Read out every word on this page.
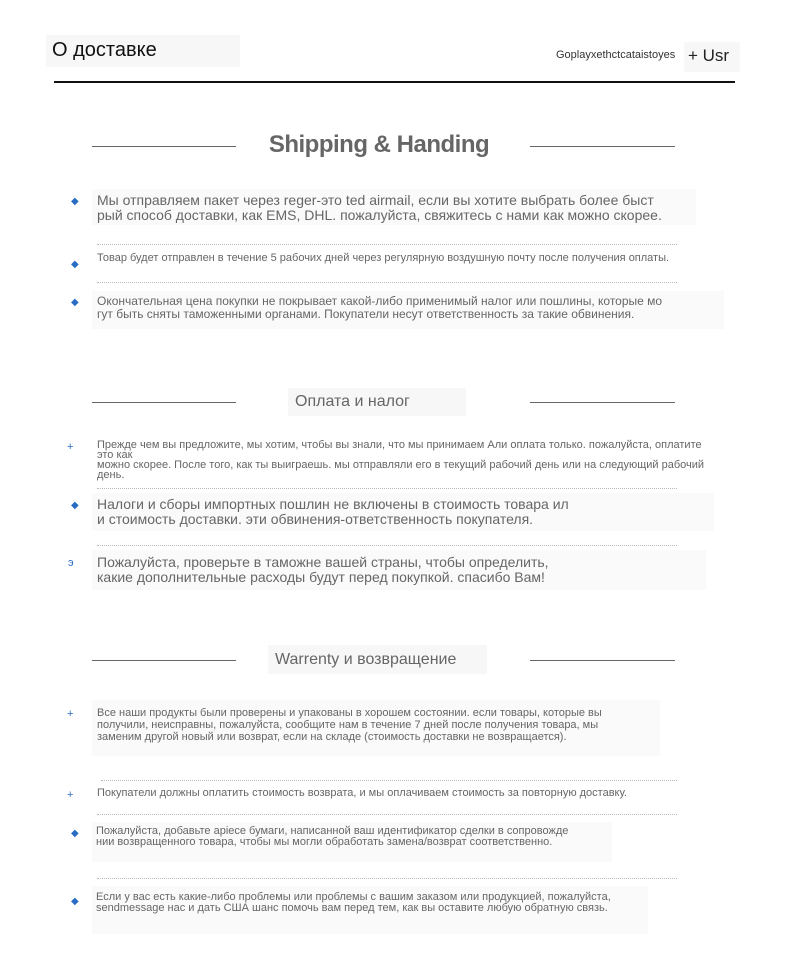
О доставке	Goplayxethctcataistoyes + Usr
Shipping & Handing
◆ Мы отправляем пакет через reger-это ted airmail, если вы хотите выбрать более быст
рый способ доставки, как EMS, DHL. пожалуйста, свяжитесь с нами как можно скорее.
◆
Товар будет отправлен в течение 5 рабочих дней через регулярную воздушную почту после получения оплаты.
◆ Окончательная цена покупки не покрывает какой-либо применимый налог или пошлины, которые мо
гут быть сняты таможенными органами. Покупатели несут ответственность за такие обвинения.
Оплата и налог
+ Прежде чем вы предложите, мы хотим, чтобы вы знали, что мы принимаем Али оплата только. пожалуйста, оплатите это как
можно скорее. После того, как ты выиграешь. мы отправляли его в текущий рабочий день или на следующий рабочий день.
◆ Налоги и сборы импортных пошлин не включены в стоимость товара ил
и стоимость доставки. эти обвинения-ответственность покупателя.
э Пожалуйста, проверьте в таможне вашей страны, чтобы определить,
какие дополнительные расходы будут перед покупкой. спасибо Вам!
Warrenty и возвращение
+ Все наши продукты были проверены и упакованы в хорошем состоянии. если товары, которые вы
получили, неисправны, пожалуйста, сообщите нам в течение 7 дней после получения товара, мы
заменим другой новый или возврат, если на складе (стоимость доставки не возвращается).
+ Покупатели должны оплатить стоимость возврата, и мы оплачиваем стоимость за повторную доставку.
◆ Пожалуйста, добавьте apiece бумаги, написанной ваш идентификатор сделки в сопровожде
нии возвращенного товара, чтобы мы могли обработать замена/возврат соответственно.
◆ Если у вас есть какие-либо проблемы или проблемы с вашим заказом или продукцией, пожалуйста,
sendmessage нас и дать США шанс помочь вам перед тем, как вы оставите любую обратную связь.
